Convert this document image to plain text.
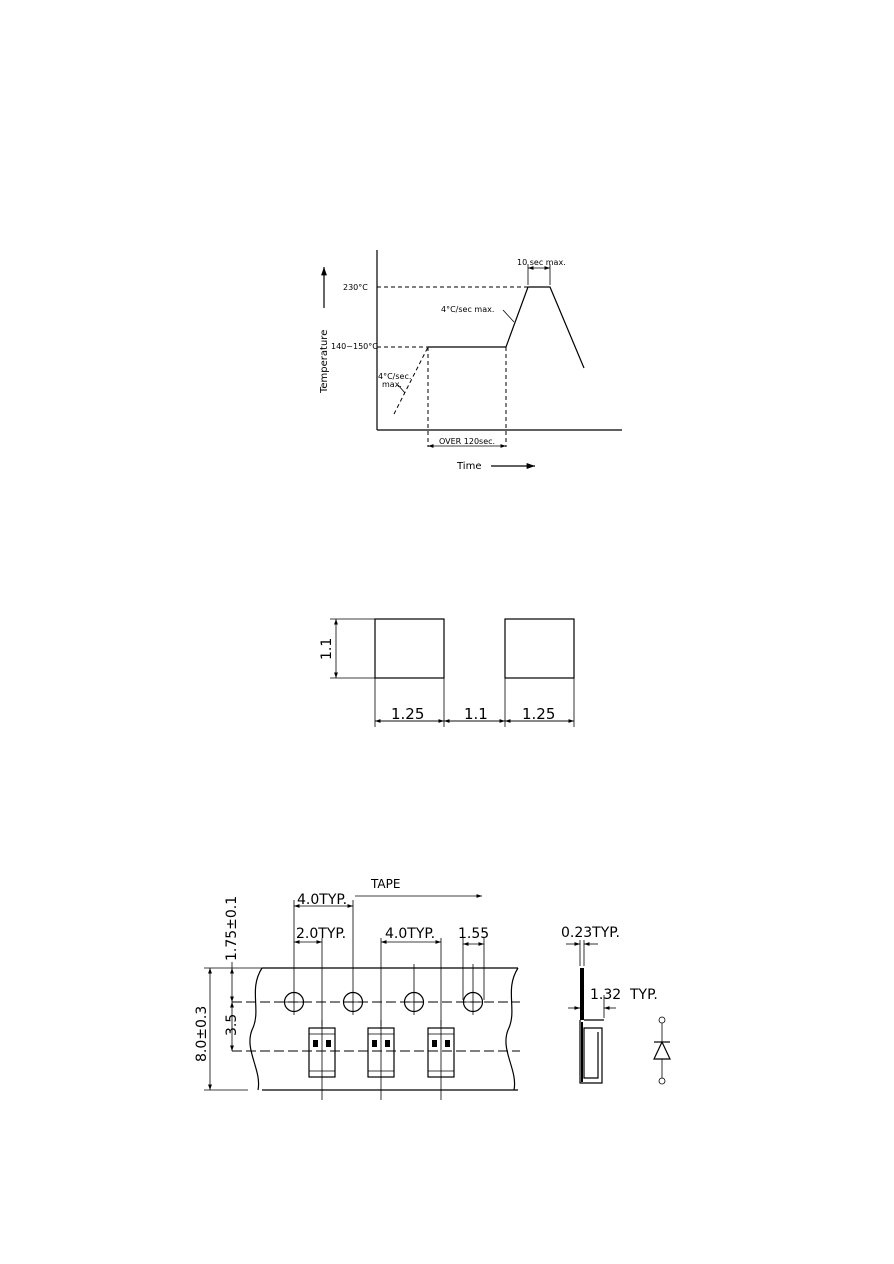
Temperature
Time
230°C
140~150°C
4°C/sec.
max.
4°C/sec max.
10 sec max.
OVER 120sec.
1.1
1.25	1.1 1.25
TAPE
4.0TYP.
2.0TYP.	4.0TYP. 1.55
8.0±0.3
1.75±0.1
3.5
0.23TYP.
1.32 TYP.
